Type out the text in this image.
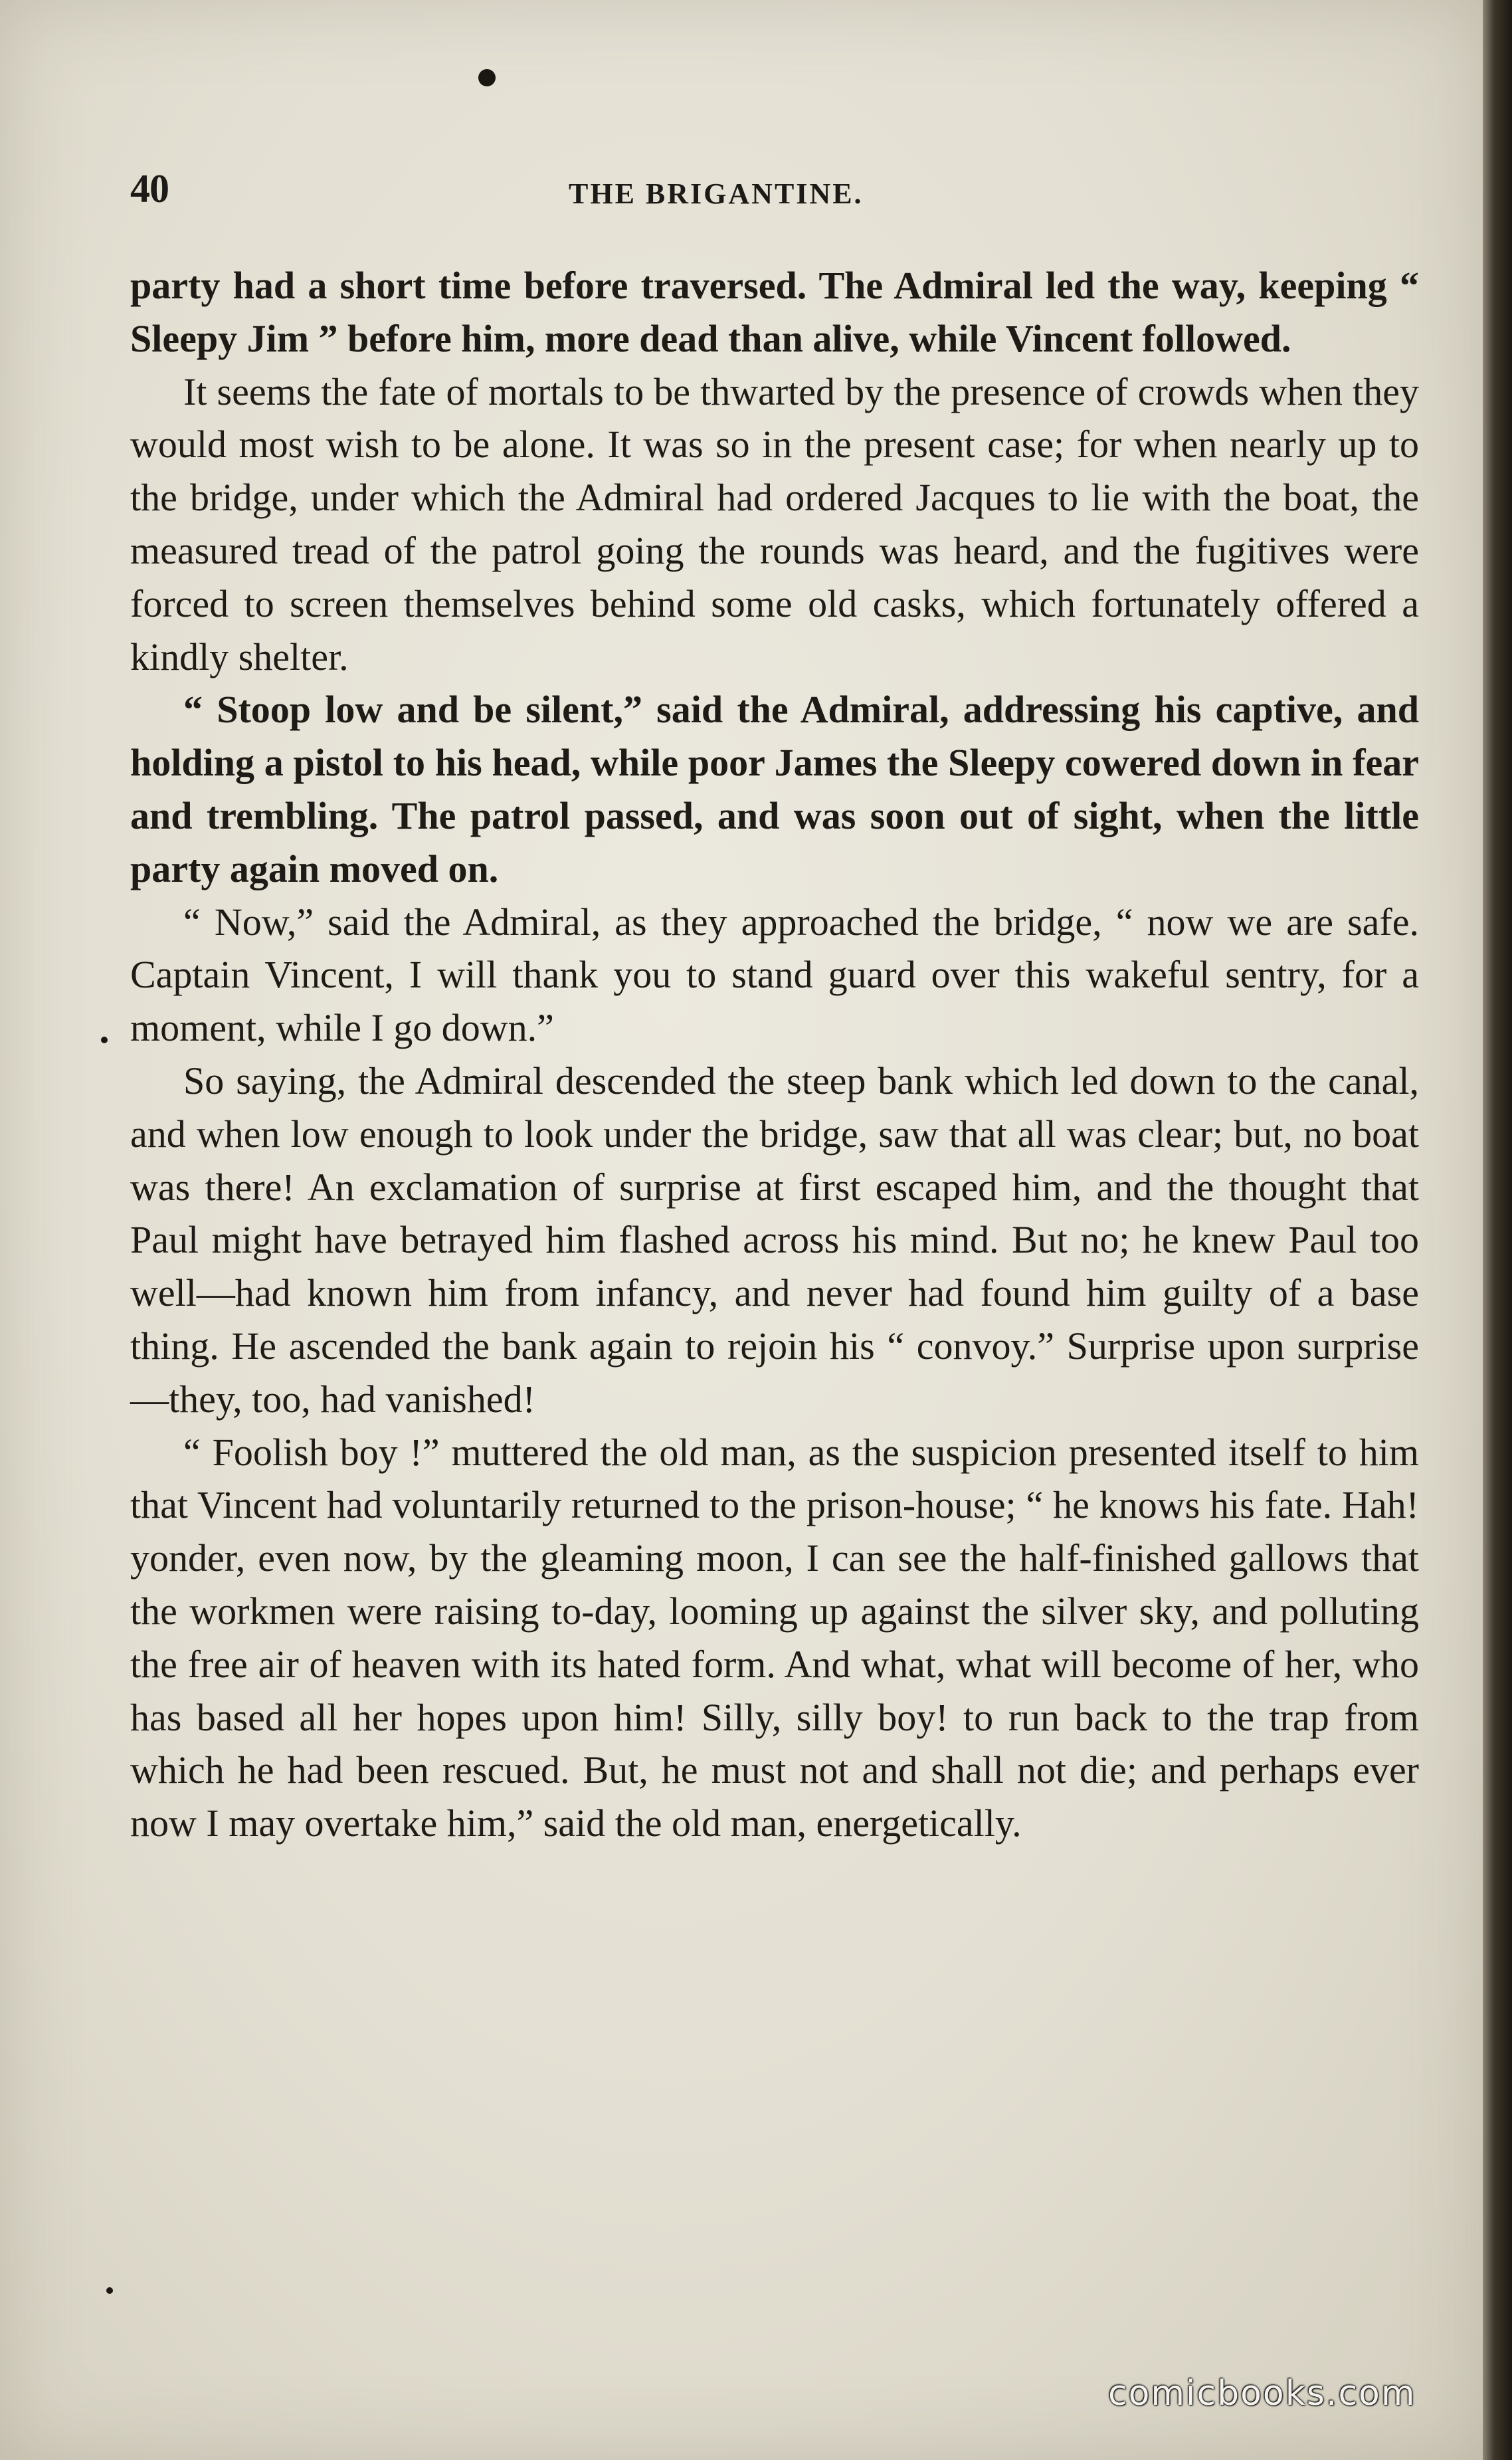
40	THE BRIGANTINE.

party had a short time before traversed. The Admiral led the way, keeping “ Sleepy Jim ” before him, more dead than alive, while Vincent followed.

It seems the fate of mortals to be thwarted by the presence of crowds when they would most wish to be alone. It was so in the present case; for when nearly up to the bridge, under which the Admiral had ordered Jacques to lie with the boat, the measured tread of the patrol going the rounds was heard, and the fugitives were forced to screen themselves behind some old casks, which fortunately offered a kindly shelter.

“ Stoop low and be silent,” said the Admiral, addressing his captive, and holding a pistol to his head, while poor James the Sleepy cowered down in fear and trembling. The patrol passed, and was soon out of sight, when the little party again moved on.

“ Now,” said the Admiral, as they approached the bridge, “ now we are safe. Captain Vincent, I will thank you to stand guard over this wakeful sentry, for a moment, while I go down.”

So saying, the Admiral descended the steep bank which led down to the canal, and when low enough to look under the bridge, saw that all was clear; but, no boat was there! An exclamation of surprise at first escaped him, and the thought that Paul might have betrayed him flashed across his mind. But no; he knew Paul too well—had known him from infancy, and never had found him guilty of a base thing. He ascended the bank again to rejoin his “ convoy.” Surprise upon surprise—they, too, had vanished!

“ Foolish boy !” muttered the old man, as the suspicion presented itself to him that Vincent had voluntarily returned to the prison-house; “ he knows his fate. Hah! yonder, even now, by the gleaming moon, I can see the half-finished gallows that the workmen were raising to-day, looming up against the silver sky, and polluting the free air of heaven with its hated form. And what, what will become of her, who has based all her hopes upon him! Silly, silly boy! to run back to the trap from which he had been rescued. But, he must not and shall not die; and perhaps ever now I may overtake him,” said the old man, energetically.

comicbooks.com
